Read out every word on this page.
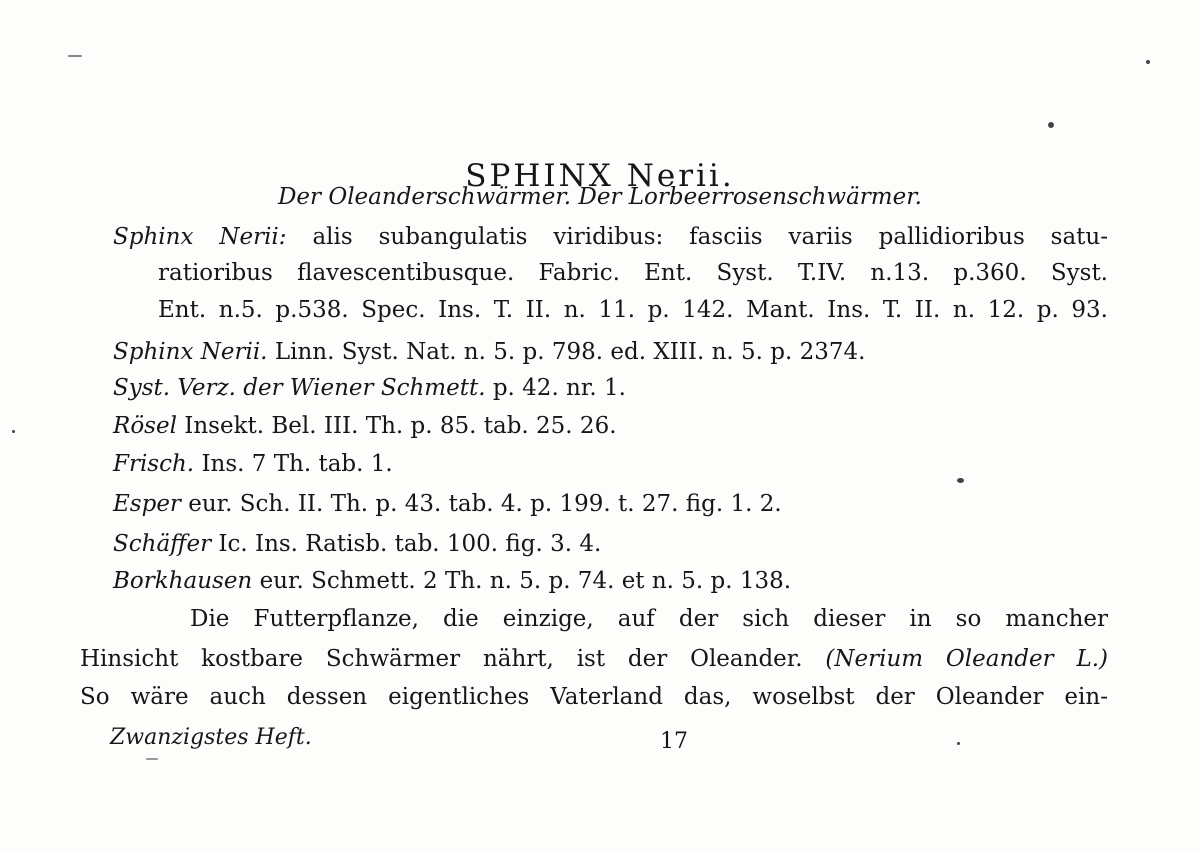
SPHINX Nerii.
Der Oleanderschwärmer. Der Lorbeerrosenschwärmer.
Sphinx Nerii: alis subangulatis viridibus: fasciis variis pallidioribus satu-
ratioribus flavescentibusque. Fabric. Ent. Syst. T.IV. n.13. p.360. Syst.
Ent. n.5. p.538. Spec. Ins. T. II. n. 11. p. 142. Mant. Ins. T. II. n. 12. p. 93.
Sphinx Nerii. Linn. Syst. Nat. n. 5. p. 798. ed. XIII. n. 5. p. 2374.
Syst. Verz. der Wiener Schmett. p. 42. nr. 1.
Rösel Insekt. Bel. III. Th. p. 85. tab. 25. 26.
Frisch. Ins. 7 Th. tab. 1.
Esper eur. Sch. II. Th. p. 43. tab. 4. p. 199. t. 27. fig. 1. 2.
Schäffer Ic. Ins. Ratisb. tab. 100. fig. 3. 4.
Borkhausen eur. Schmett. 2 Th. n. 5. p. 74. et n. 5. p. 138.
Die Futterpflanze, die einzige, auf der sich dieser in so mancher
Hinsicht kostbare Schwärmer nährt, ist der Oleander. (Nerium Oleander L.)
So wäre auch dessen eigentliches Vaterland das, woselbst der Oleander ein-
Zwanzigstes Heft.	17
